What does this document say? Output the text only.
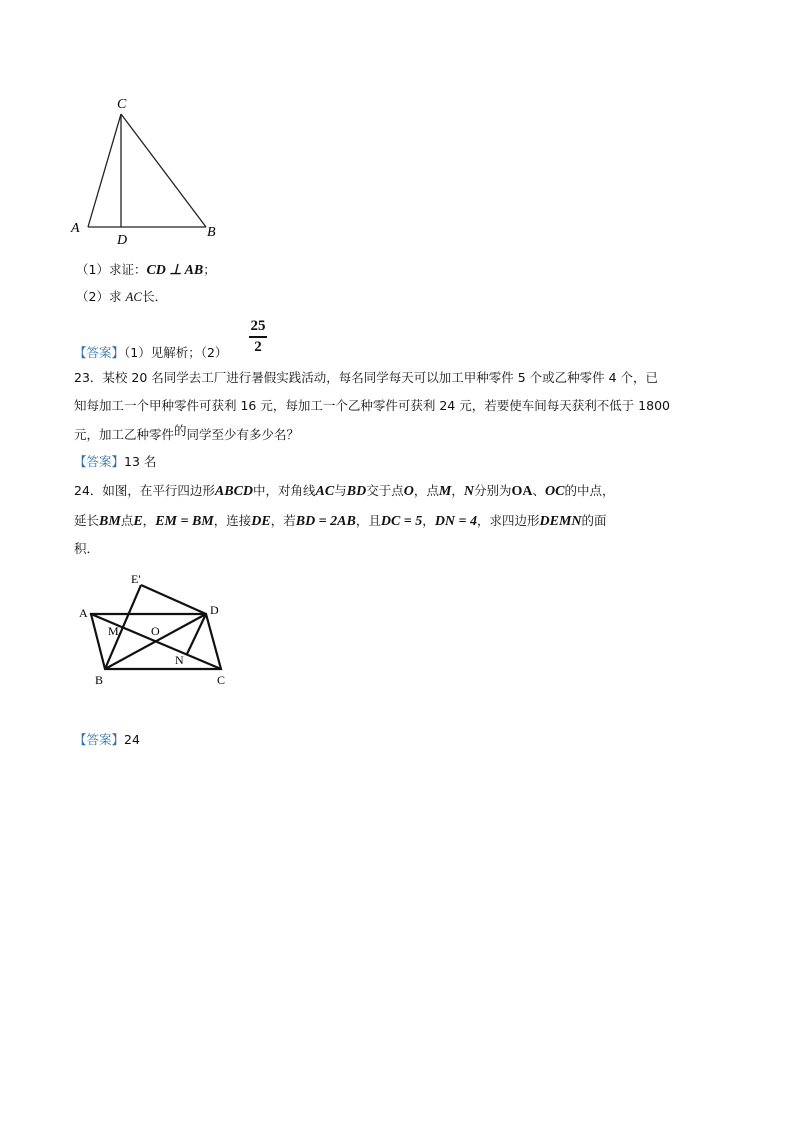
C
A
D
B
（1）求证：CD ⊥ AB；
（2）求 AC长．
【答案】（1）见解析；（2）
25
2
23．某校 20 名同学去工厂进行暑假实践活动，每名同学每天可以加工甲种零件 5 个或乙种零件 4 个，已
知每加工一个甲种零件可获利 16 元，每加工一个乙种零件可获利 24 元，若要使车间每天获利不低于 1800
元，加工乙种零件的同学至少有多少名？
【答案】13 名
24．如图，在平行四边形ABCD中，对角线AC与BD交于点O，点M，N分别为OA、OC的中点，
延长BM点E，EM = BM，连接DE，若BD = 2AB，且DC = 5，DN = 4，求四边形DEMN的面
积．
E'
A	D
M	O
N
B	C
【答案】24
